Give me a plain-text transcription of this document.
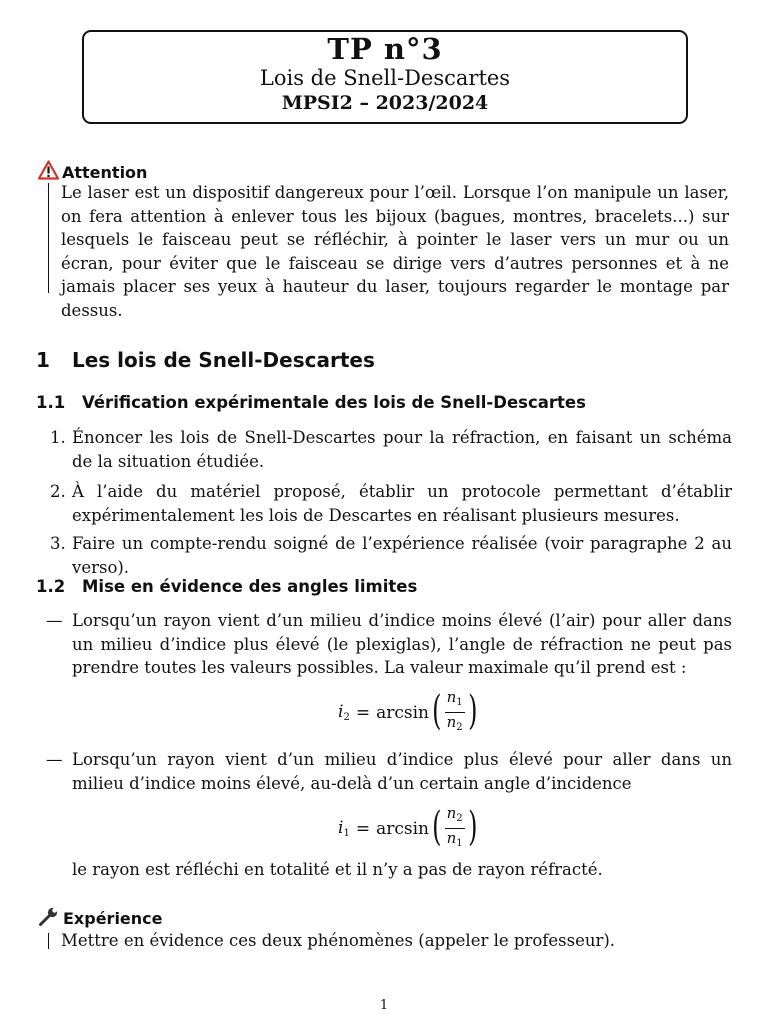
TP n°3
Lois de Snell-Descartes
MPSI2 – 2023/2024
Attention
Le laser est un dispositif dangereux pour l’œil. Lorsque l’on manipule un laser, on fera attention à enlever tous les bijoux (bagues, montres, bracelets...) sur lesquels le faisceau peut se réfléchir, à pointer le laser vers un mur ou un écran, pour éviter que le faisceau se dirige vers d’autres personnes et à ne jamais placer ses yeux à hauteur du laser, toujours regarder le montage par dessus.
1 Les lois de Snell-Descartes
1.1 Vérification expérimentale des lois de Snell-Descartes
1. Énoncer les lois de Snell-Descartes pour la réfraction, en faisant un schéma de la situation étudiée.
2. À l’aide du matériel proposé, établir un protocole permettant d’établir expérimentalement les lois de Descartes en réalisant plusieurs mesures.
3. Faire un compte-rendu soigné de l’expérience réalisée (voir paragraphe 2 au verso).
1.2 Mise en évidence des angles limites
— Lorsqu’un rayon vient d’un milieu d’indice moins élevé (l’air) pour aller dans un milieu d’indice plus élevé (le plexiglas), l’angle de réfraction ne peut pas prendre toutes les valeurs possibles. La valeur maximale qu’il prend est :
i2 = arcsin ( $\frac{n_1}{n_2}$ )
— Lorsqu’un rayon vient d’un milieu d’indice plus élevé pour aller dans un milieu d’indice moins élevé, au-delà d’un certain angle d’incidence
i1 = arcsin ( $\frac{n_2}{n_1}$ )
le rayon est réfléchi en totalité et il n’y a pas de rayon réfracté.
Expérience
Mettre en évidence ces deux phénomènes (appeler le professeur).
1
